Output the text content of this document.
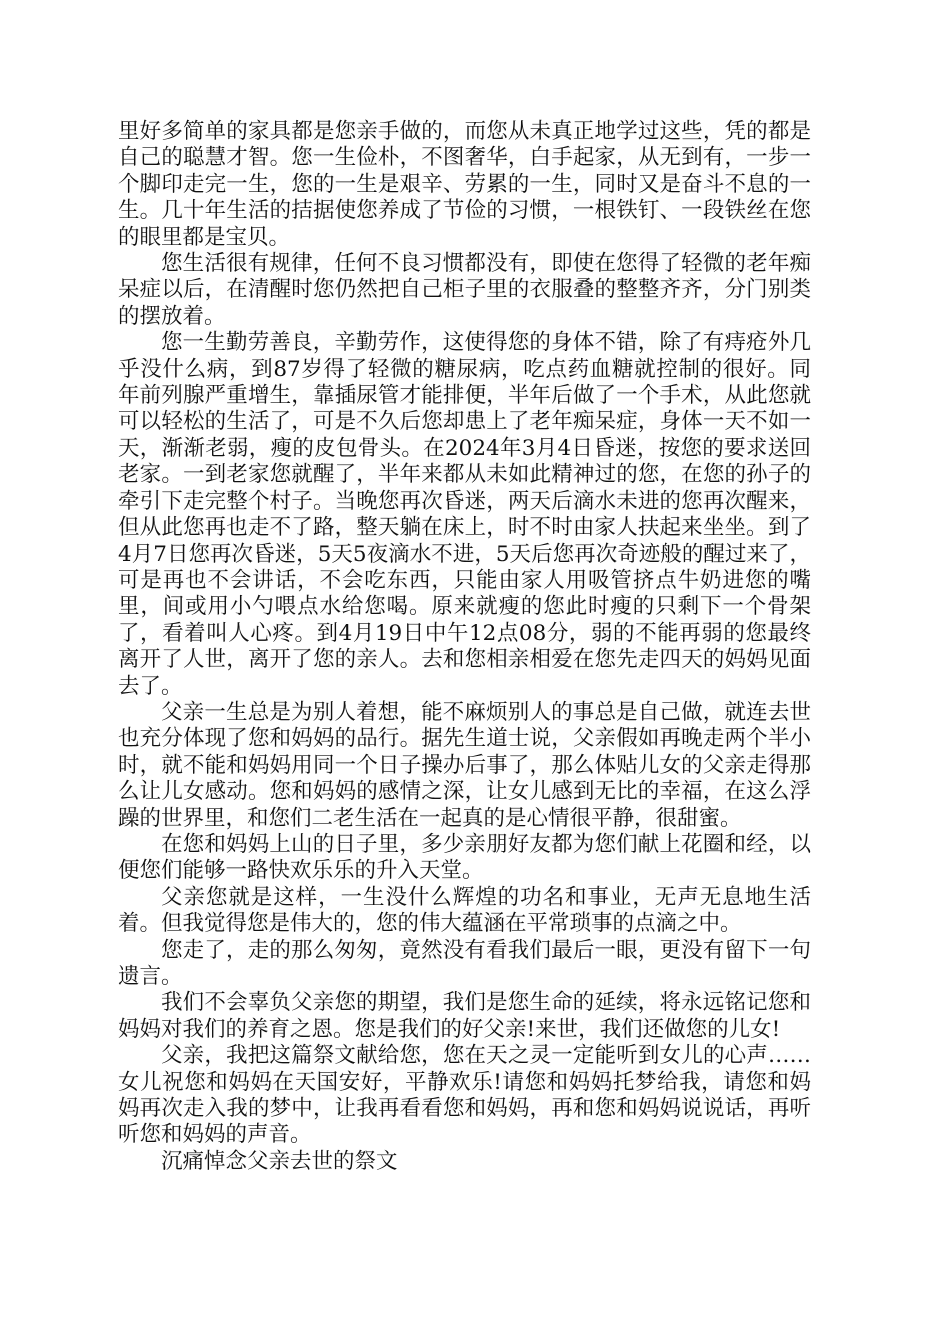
里好多简单的家具都是您亲手做的，而您从未真正地学过这些，凭的都是自己的聪慧才智。您一生俭朴，不图奢华，白手起家，从无到有，一步一个脚印走完一生，您的一生是艰辛、劳累的一生，同时又是奋斗不息的一生。几十年生活的拮据使您养成了节俭的习惯，一根铁钉、一段铁丝在您的眼里都是宝贝。

您生活很有规律，任何不良习惯都没有，即使在您得了轻微的老年痴呆症以后，在清醒时您仍然把自己柜子里的衣服叠的整整齐齐，分门别类的摆放着。

您一生勤劳善良，辛勤劳作，这使得您的身体不错，除了有痔疮外几乎没什么病，到87岁得了轻微的糖尿病，吃点药血糖就控制的很好。同年前列腺严重增生，靠插尿管才能排便，半年后做了一个手术，从此您就可以轻松的生活了，可是不久后您却患上了老年痴呆症，身体一天不如一天，渐渐老弱，瘦的皮包骨头。在2024年3月4日昏迷，按您的要求送回老家。一到老家您就醒了，半年来都从未如此精神过的您，在您的孙子的牵引下走完整个村子。当晚您再次昏迷，两天后滴水未进的您再次醒来，但从此您再也走不了路，整天躺在床上，时不时由家人扶起来坐坐。到了4月7日您再次昏迷，5天5夜滴水不进，5天后您再次奇迹般的醒过来了，可是再也不会讲话，不会吃东西，只能由家人用吸管挤点牛奶进您的嘴里，间或用小勺喂点水给您喝。原来就瘦的您此时瘦的只剩下一个骨架了，看着叫人心疼。到4月19日中午12点08分，弱的不能再弱的您最终离开了人世，离开了您的亲人。去和您相亲相爱在您先走四天的妈妈见面去了。

父亲一生总是为别人着想，能不麻烦别人的事总是自己做，就连去世也充分体现了您和妈妈的品行。据先生道士说，父亲假如再晚走两个半小时，就不能和妈妈用同一个日子操办后事了，那么体贴儿女的父亲走得那么让儿女感动。您和妈妈的感情之深，让女儿感到无比的幸福，在这么浮躁的世界里，和您们二老生活在一起真的是心情很平静，很甜蜜。

在您和妈妈上山的日子里，多少亲朋好友都为您们献上花圈和经，以便您们能够一路快欢乐乐的升入天堂。

父亲您就是这样，一生没什么辉煌的功名和事业，无声无息地生活着。但我觉得您是伟大的，您的伟大蕴涵在平常琐事的点滴之中。

您走了，走的那么匆匆，竟然没有看我们最后一眼，更没有留下一句遗言。

我们不会辜负父亲您的期望，我们是您生命的延续，将永远铭记您和妈妈对我们的养育之恩。您是我们的好父亲!来世，我们还做您的儿女!

父亲，我把这篇祭文献给您，您在天之灵一定能听到女儿的心声……女儿祝您和妈妈在天国安好，平静欢乐!请您和妈妈托梦给我，请您和妈妈再次走入我的梦中，让我再看看您和妈妈，再和您和妈妈说说话，再听听您和妈妈的声音。

沉痛悼念父亲去世的祭文
